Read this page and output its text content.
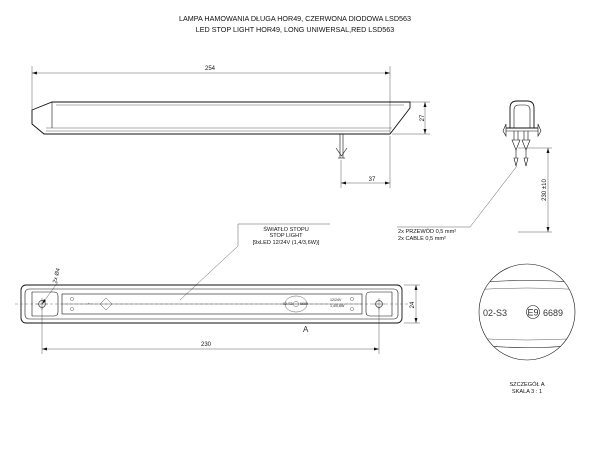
LAMPA HAMOWANIA DŁUGA HOR49, CZERWONA DIODOWA LSD563
LED STOP LIGHT HOR49, LONG UNIWERSAL,RED LSD563
254
27
37	230 ±10
2x PRZEWÓD 0,5 mm²
2x CABLE 0,5 mm²
ŚWIATŁO STOPU
STOP LIGHT
[9xLED 12/24V (1,4/3,6W)]
2x Ø4
+ ·	02-S3 6689
12/24V
1,4/0,6W
A
24
230
02-S3 E9 6689
SZCZEGÓŁ A
SKALA 3 : 1
